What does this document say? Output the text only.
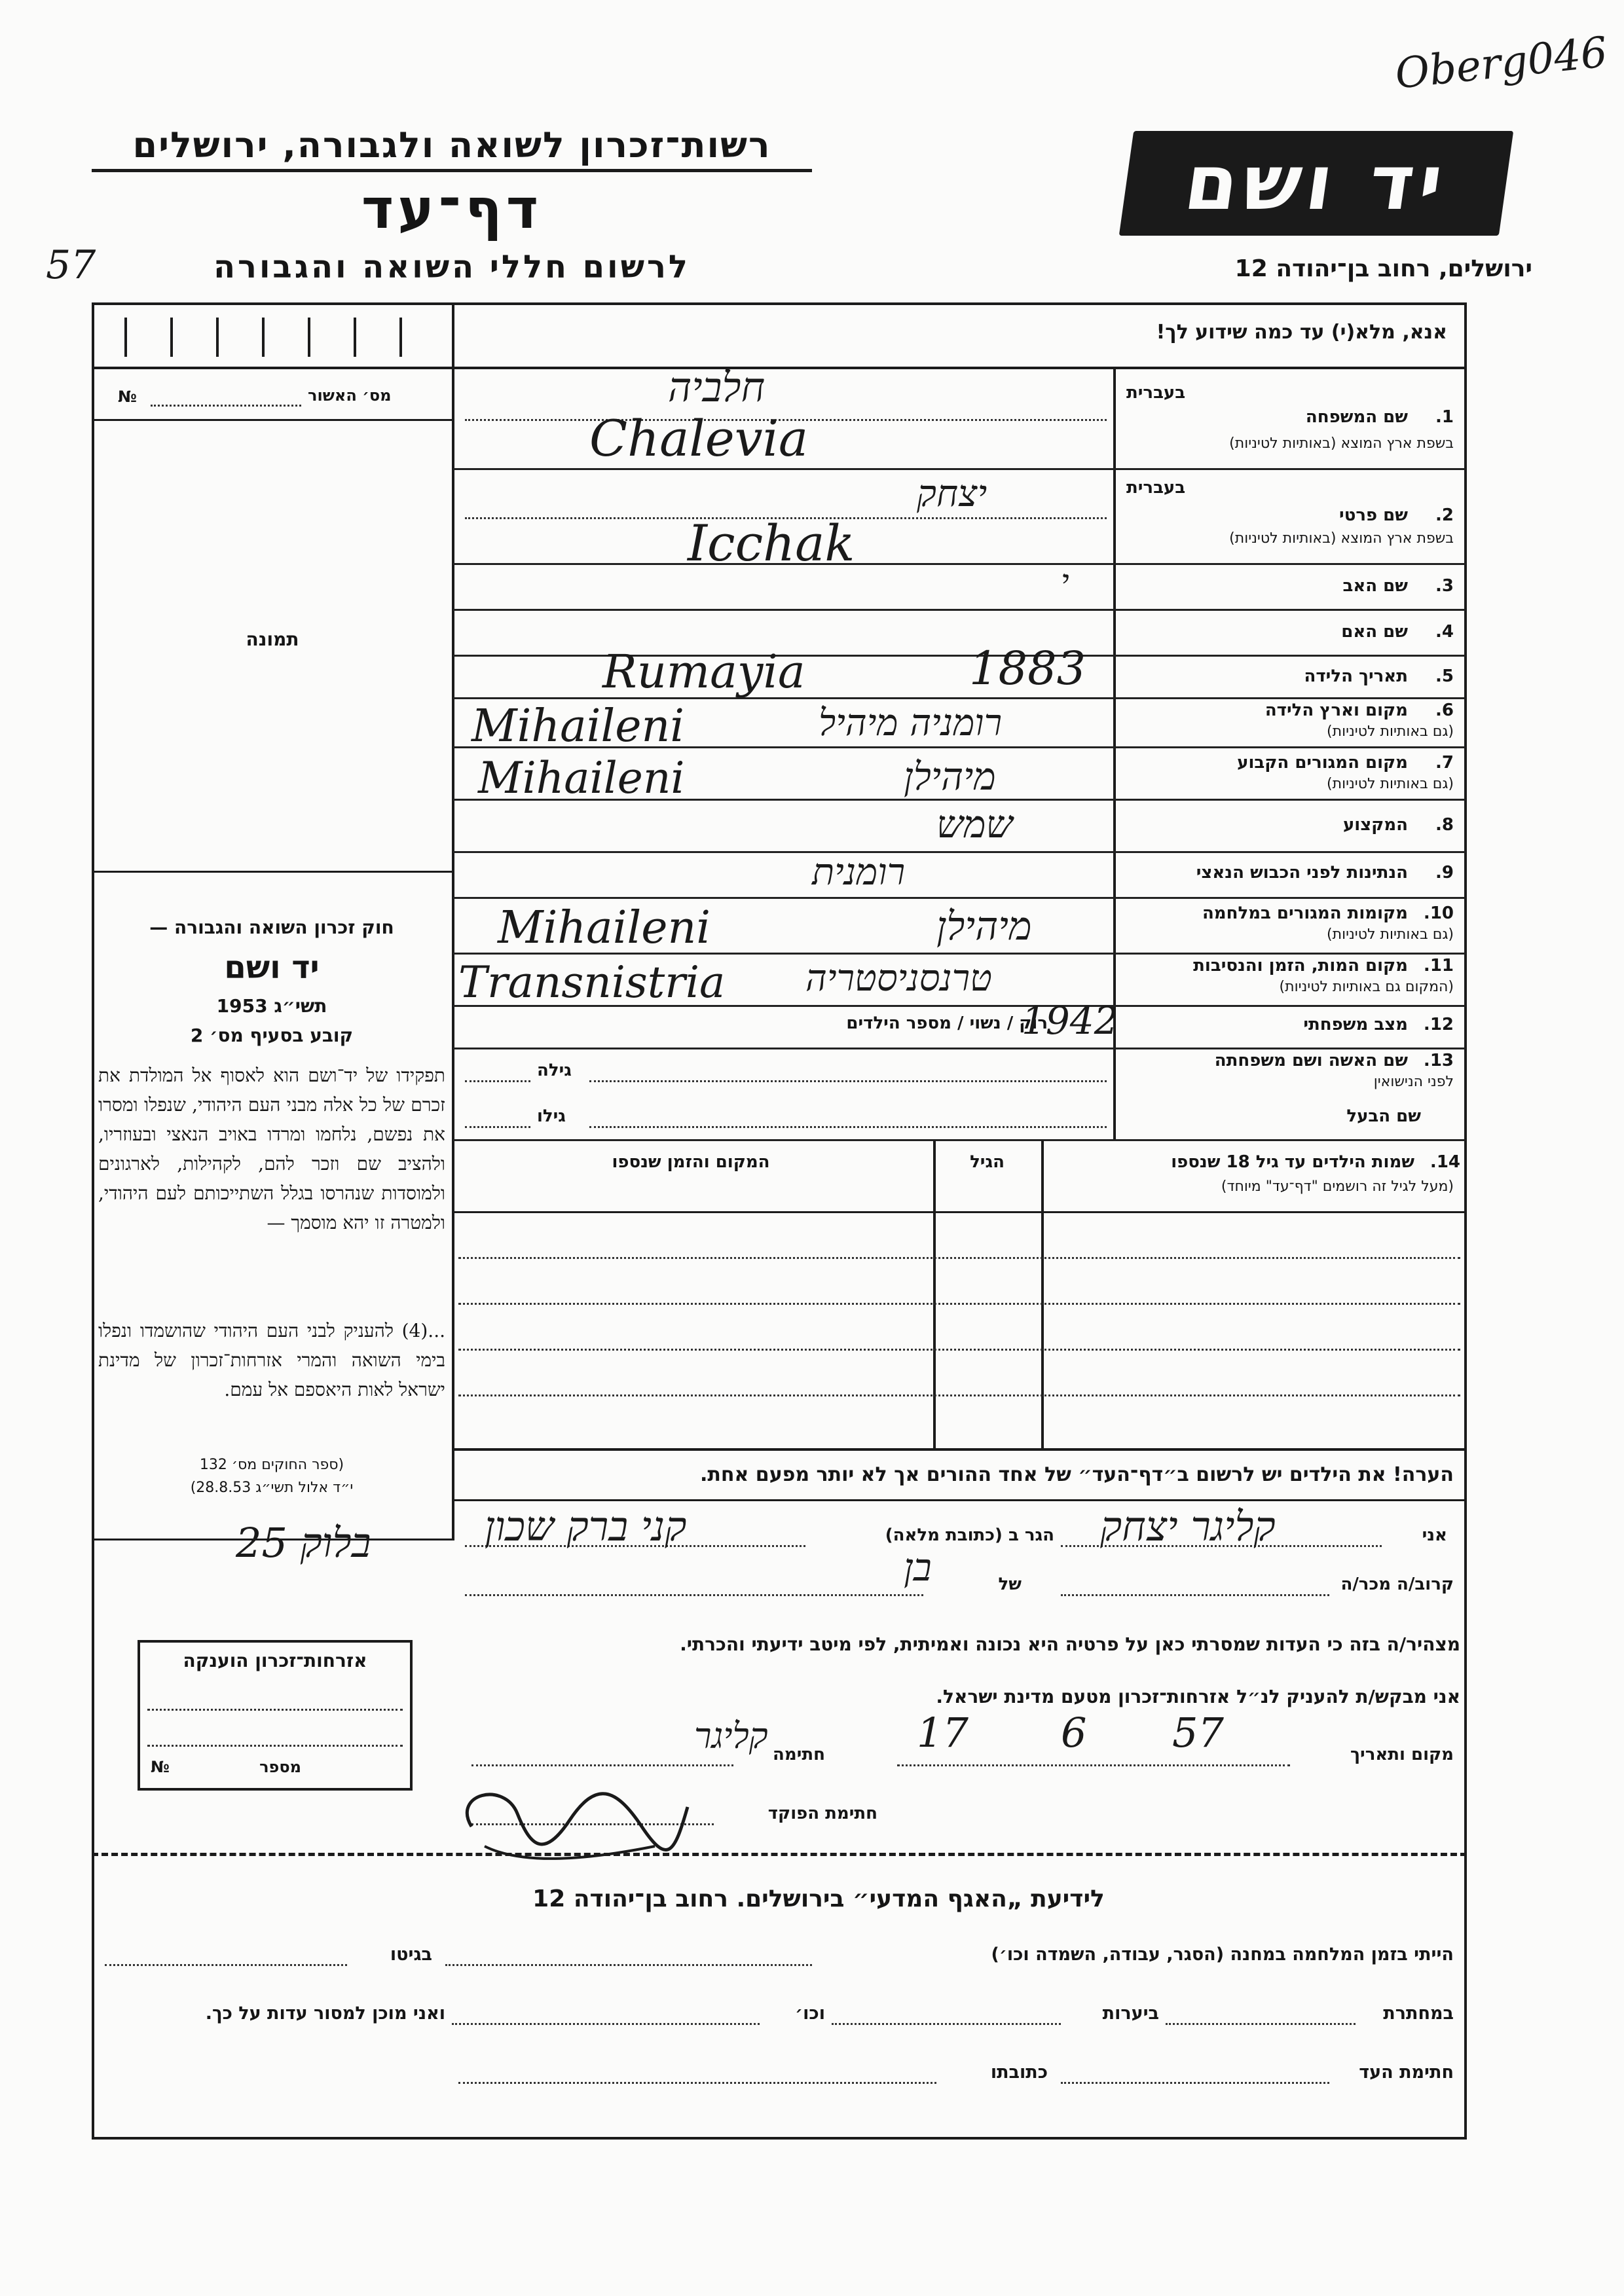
Oberg046
רשות־זכרון לשואה ולגבורה, ירושלים
דף־עד
לרשום חללי השואה והגבורה
57
יד ושם
ירושלים, רחוב בן־יהודה 12
אנא, מלא(י) עד כמה שידוע לך!
מס׳ האשור
№
תמונה
חוק זכרון השואה והגבורה —
יד ושם
תשי״ג 1953
קובע בסעיף מס׳ 2
תפקידו של יד־ושם הוא לאסוף אל המולדת את זכרם של כל אלה מבני העם היהודי, שנפלו ומסרו את נפשם, נלחמו ומרדו באויב הנאצי ובעוזריו, ולהציב שם וזכר להם, לקהילות, לארגונים ולמוסדות שנהרסו בגלל השתייכותם לעם היהודי, ולמטרה זו יהא מוסמך —
...(4) להעניק לבני העם היהודי שהושמדו ונפלו בימי השואה והמרי אזרחות־זכרון של מדינת ישראל לאות היאספם אל עמם.
(ספר החוקים מס׳ 132
י״ד אלול תשי״ג 28.8.53)
בעברית
1.
שם המשפחה
בשפת ארץ המוצא (באותיות לטיניות)
חלביה
Chalevia
בעברית
2.
שם פרטי
בשפת ארץ המוצא (באותיות לטיניות)
יצחק
Icchak
3.
שם האב
י
4.
שם האם
5.
תאריך הלידה
Rumayia	1883
6.
מקום וארץ הלידה
(גם באותיות לטיניות)
Mihaileni	רומניה מיהיל
7.
מקום המגורים הקבוע
(גם באותיות לטיניות)
Mihaileni	מיהילן
8.
המקצוע
שמש
9.
הנתינות לפני הכבוש הנאצי
רומנית
10.
מקומות המגורים במלחמה
(גם באותיות לטיניות)
Mihaileni	מיהילן
11.
מקום המות, הזמן והנסיבות
(המקום גם באותיות לטיניות)
Transnistria טרנסניסטריה
12.
מצב משפחתי
רוק / נשוי / מספר הילדים
1942
13.
שם האשה ושם משפחתה
לפני הנישואין
גילה
שם הבעל
גילו
14.
שמות הילדים עד גיל 18 שנספו
(מעל לגיל זה רושמים "דף־עד" מיוחד)
הגיל
המקום והזמן שנספו
הערה! את הילדים יש לרשום ב״דף־העד״ של אחד ההורים אך לא יותר מפעם אחת.
אני
קליגר יצחק
הגר ב (כתובת מלאה)
קני ברק שכון
בלוק 25
קרוב/ה מכר/ה
של
בן
מצהיר/ה בזה כי העדות שמסרתי כאן על פרטיה היא נכונה ואמיתית, לפי מיטב ידיעתי והכרתי.
אני מבקש/ת להעניק לנ״ל אזרחות־זכרון מטעם מדינת ישראל.
מקום ותאריך
17 6 57
חתימה
קליגר
חתימת הפוקד
אזרחות־זכרון הוענקה
מספר
№
לידיעת „האגף המדעי״ בירושלים. רחוב בן־יהודה 12
הייתי בזמן המלחמה במחנה (הסגר, עבודה, השמדה וכו׳)
בגיטו
במחתרת
ביערות
וכו׳
ואני מוכן למסור עדות על כך.
חתימת העד
כתובתו
